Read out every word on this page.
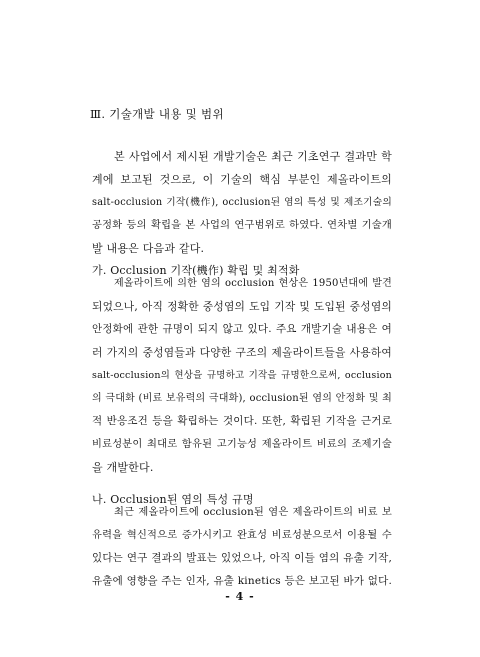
Ⅲ. 기술개발 내용 및 범위
본 사업에서 제시된 개발기술은 최근 기초연구 결과만 학
계에 보고된 것으로, 이 기술의 핵심 부분인 제올라이트의
salt-occlusion 기작(機作), occlusion된 염의 특성 및 제조기술의
공정화 등의 확립을 본 사업의 연구범위로 하였다. 연차별 기술개
발 내용은 다음과 같다.
가. Occlusion 기작(機作) 확립 및 최적화
제올라이트에 의한 염의 occlusion 현상은 1950년대에 발견
되었으나, 아직 정확한 중성염의 도입 기작 및 도입된 중성염의
안정화에 관한 규명이 되지 않고 있다. 주요 개발기술 내용은 여
러 가지의 중성염들과 다양한 구조의 제올라이트들을 사용하여
salt-occlusion의 현상을 규명하고 기작을 규명한으로써, occlusion
의 극대화 (비료 보유력의 극대화), occlusion된 염의 안정화 및 최
적 반응조건 등을 확립하는 것이다. 또한, 확립된 기작을 근거로
비료성분이 최대로 함유된 고기능성 제올라이트 비료의 조제기술
을 개발한다.
나. Occlusion된 염의 특성 규명
최근 제올라이트에 occlusion된 염은 제올라이트의 비료 보
유력을 혁신적으로 증가시키고 완효성 비료성분으로서 이용될 수
있다는 연구 결과의 발표는 있었으나, 아직 이들 염의 유출 기작,
유출에 영향을 주는 인자, 유출 kinetics 등은 보고된 바가 없다.
- 4 -
